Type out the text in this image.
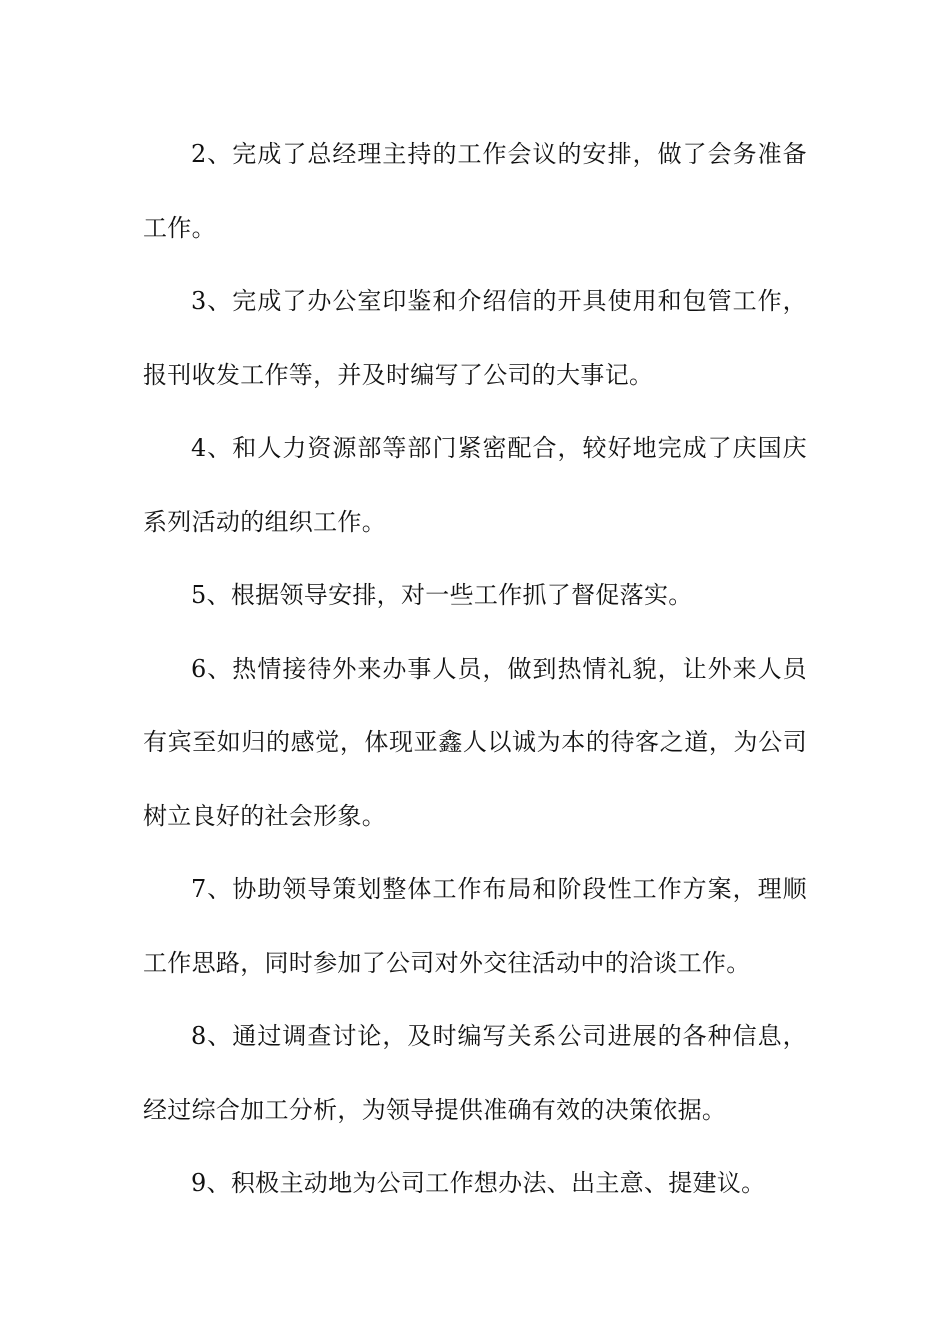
2、完成了总经理主持的工作会议的安排，做了会务准备工作。

3、完成了办公室印鉴和介绍信的开具使用和包管工作，报刊收发工作等，并及时编写了公司的大事记。

4、和人力资源部等部门紧密配合，较好地完成了庆国庆系列活动的组织工作。

5、根据领导安排，对一些工作抓了督促落实。

6、热情接待外来办事人员，做到热情礼貌，让外来人员有宾至如归的感觉，体现亚鑫人以诚为本的待客之道，为公司树立良好的社会形象。

7、协助领导策划整体工作布局和阶段性工作方案，理顺工作思路，同时参加了公司对外交往活动中的洽谈工作。

8、通过调查讨论，及时编写关系公司进展的各种信息，经过综合加工分析，为领导提供准确有效的决策依据。

9、积极主动地为公司工作想办法、出主意、提建议。
